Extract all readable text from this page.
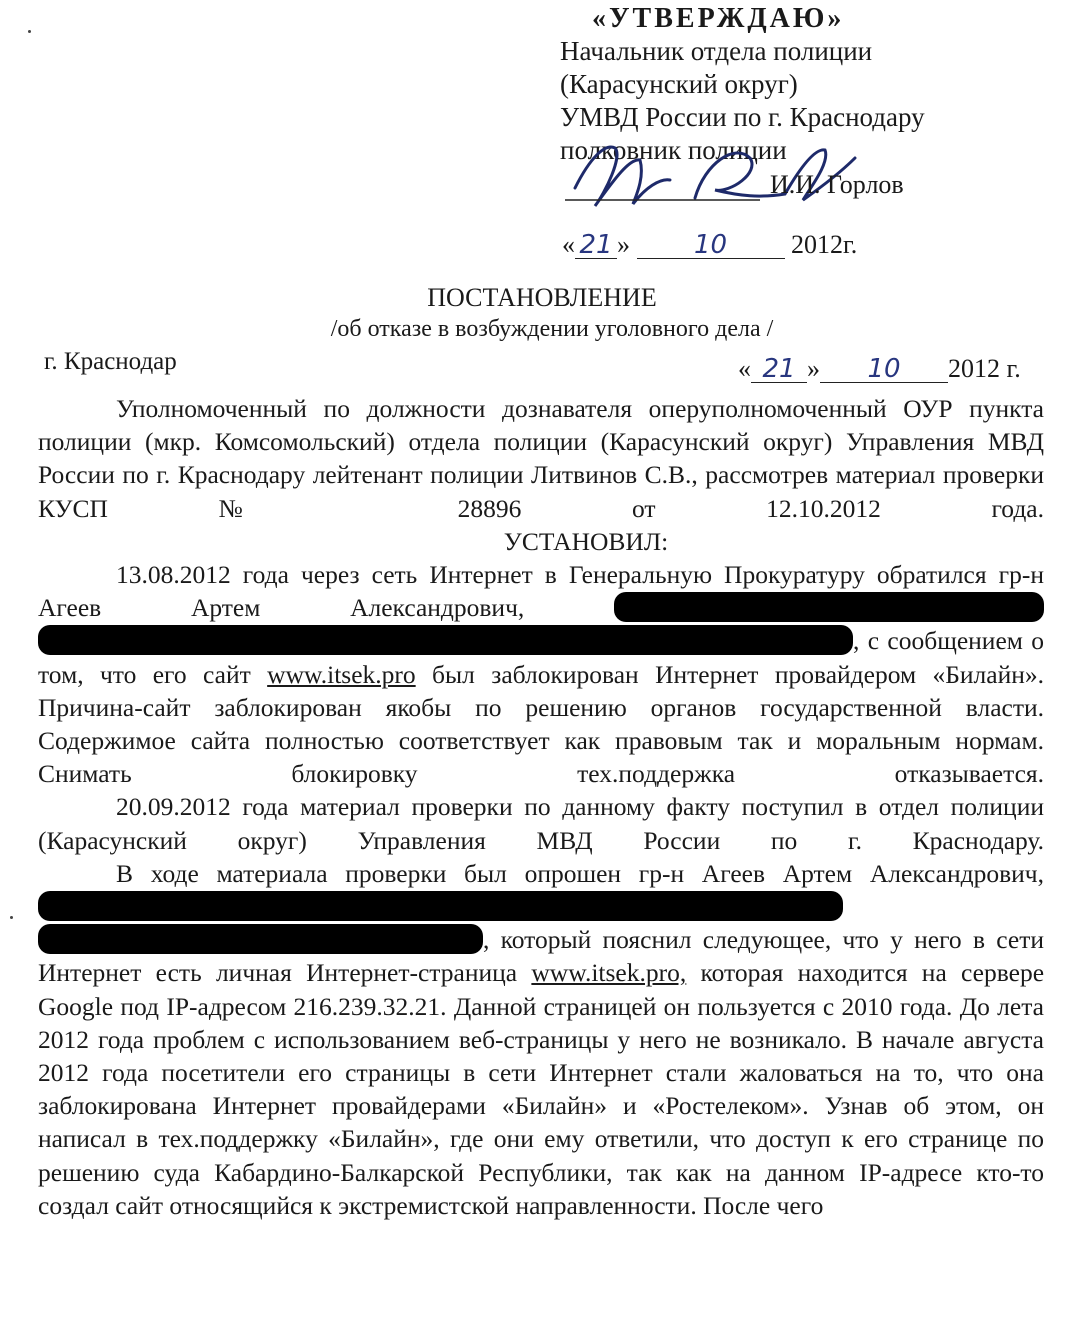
«УТВЕРЖДАЮ»
Начальник отдела полиции
(Карасунский округ)
УМВД России по г. Краснодару
полковник полиции
И.И. Горлов
« 21 » 10 2012г.
ПОСТАНОВЛЕНИЕ
/об отказе в возбуждении уголовного дела /
г. Краснодар	« 21 » 10 2012 г.

Уполномоченный по должности дознавателя оперуполномоченный ОУР пункта полиции (мкр. Комсомольский) отдела полиции (Карасунский округ) Управления МВД России по г. Краснодару лейтенант полиции Литвинов С.В., рассмотрев материал проверки КУСП № 28896 от 12.10.2012 года.

УСТАНОВИЛ:

13.08.2012 года через сеть Интернет в Генеральную Прокуратуру обратился гр-н Агеев Артем Александрович,  , с сообщением о том, что его сайт www.itsek.pro был заблокирован Интернет провайдером «Билайн». Причина-сайт заблокирован якобы по решению органов государственной власти. Содержимое сайта полностью соответствует как правовым так и моральным нормам. Снимать блокировку тех.поддержка отказывается.

20.09.2012 года материал проверки по данному факту поступил в отдел полиции (Карасунский округ) Управления МВД России по г. Краснодару.

В ходе материала проверки был опрошен гр-н Агеев Артем Александрович,  , который пояснил следующее, что у него в сети Интернет есть личная Интернет-страница www.itsek.pro, которая находится на сервере Google под IP-адресом 216.239.32.21. Данной страницей он пользуется с 2010 года. До лета 2012 года проблем с использованием веб-страницы у него не возникало. В начале августа 2012 года посетители его страницы в сети Интернет стали жаловаться на то, что она заблокирована Интернет провайдерами «Билайн» и «Ростелеком». Узнав об этом, он написал в тех.поддержку «Билайн», где они ему ответили, что доступ к его странице по решению суда Кабардино-Балкарской Республики, так как на данном IP-адресе кто-то создал сайт относящийся к экстремистской направленности. После чего
